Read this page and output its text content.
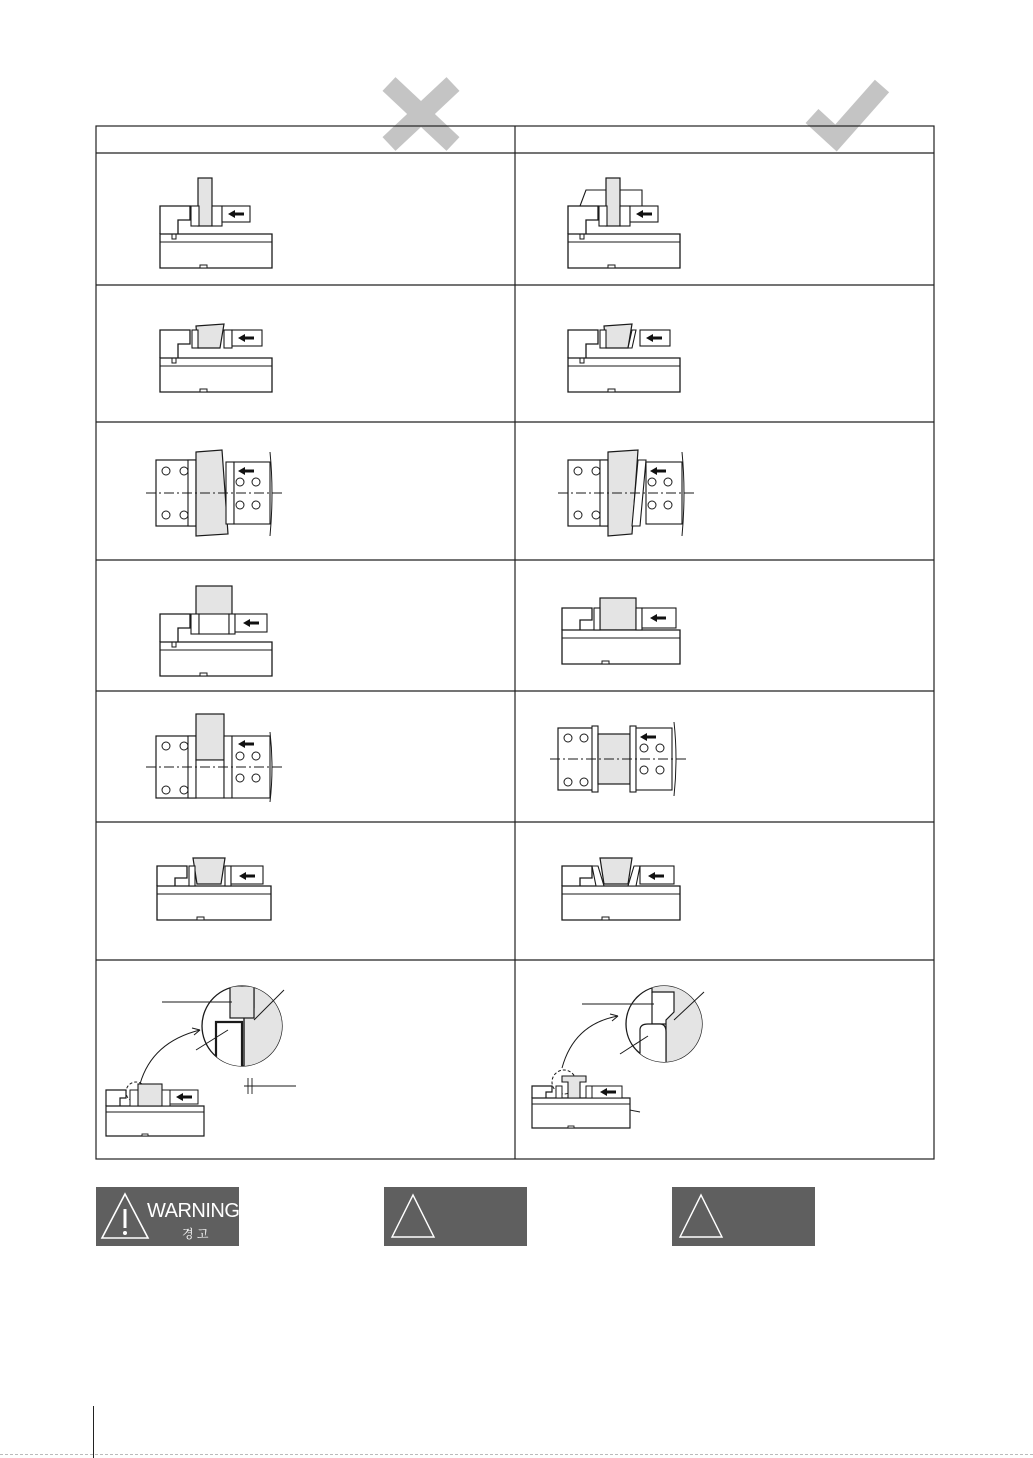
WARNING
경 고
